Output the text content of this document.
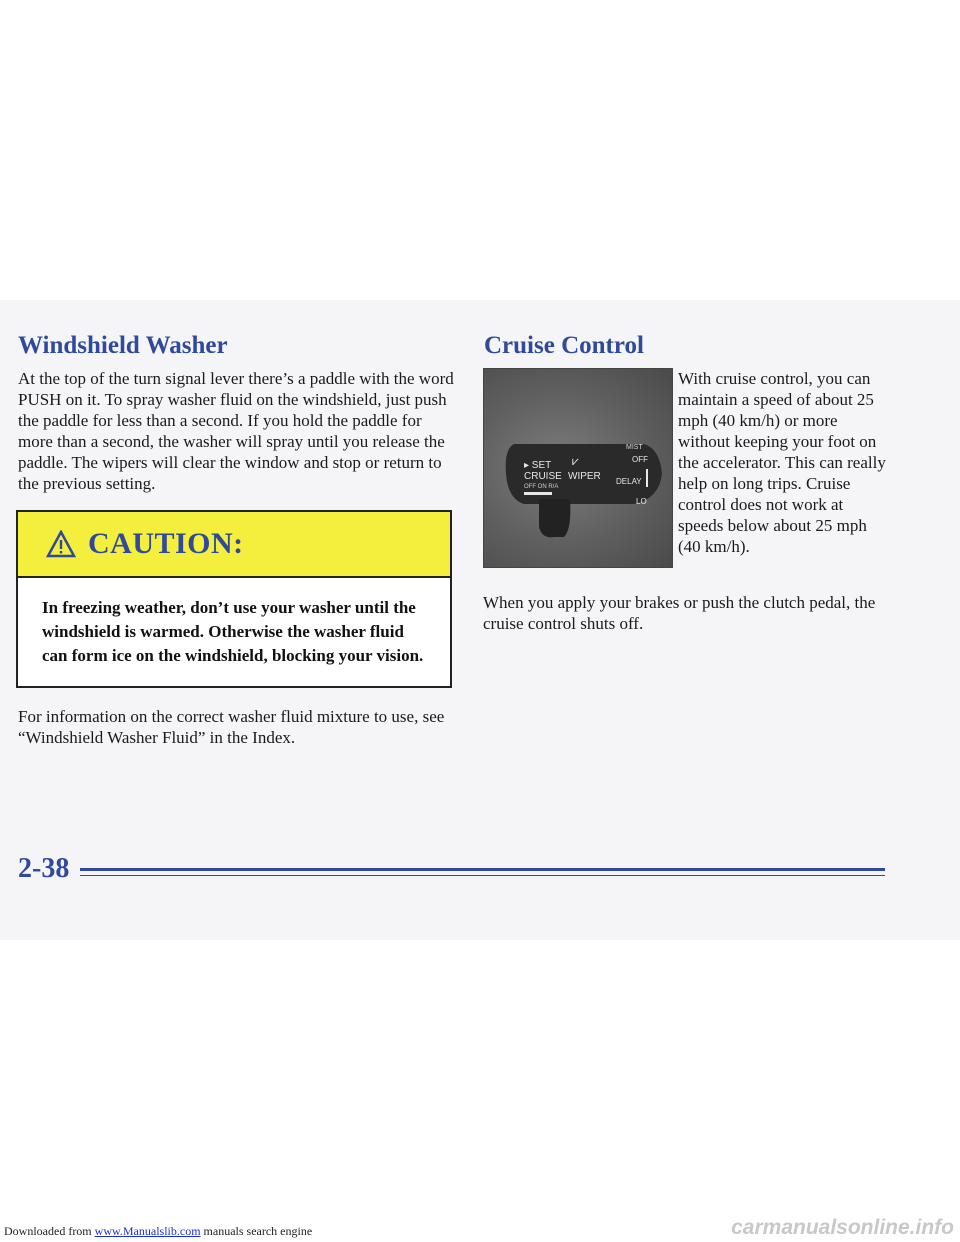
Windshield Washer

At the top of the turn signal lever there’s a paddle with the word PUSH on it. To spray washer fluid on the windshield, just push the paddle for less than a second. If you hold the paddle for more than a second, the washer will spray until you release the paddle. The wipers will clear the window and stop or return to the previous setting.

CAUTION:

In freezing weather, don’t use your washer until the windshield is warmed. Otherwise the washer fluid can form ice on the windshield, blocking your vision.

For information on the correct washer fluid mixture to use, see “Windshield Washer Fluid” in the Index.

Cruise Control
▸ SET
CRUISE
OFF ON R/A
WIPER
⩗
MIST
OFF
DELAY
LO

With cruise control, you can maintain a speed of about 25 mph (40 km/h) or more without keeping your foot on the accelerator. This can really help on long trips. Cruise control does not work at speeds below about 25 mph (40 km/h).

When you apply your brakes or push the clutch pedal, the cruise control shuts off.

2-38

Downloaded from www.Manualslib.com manuals search engine	carmanualsonline.info
